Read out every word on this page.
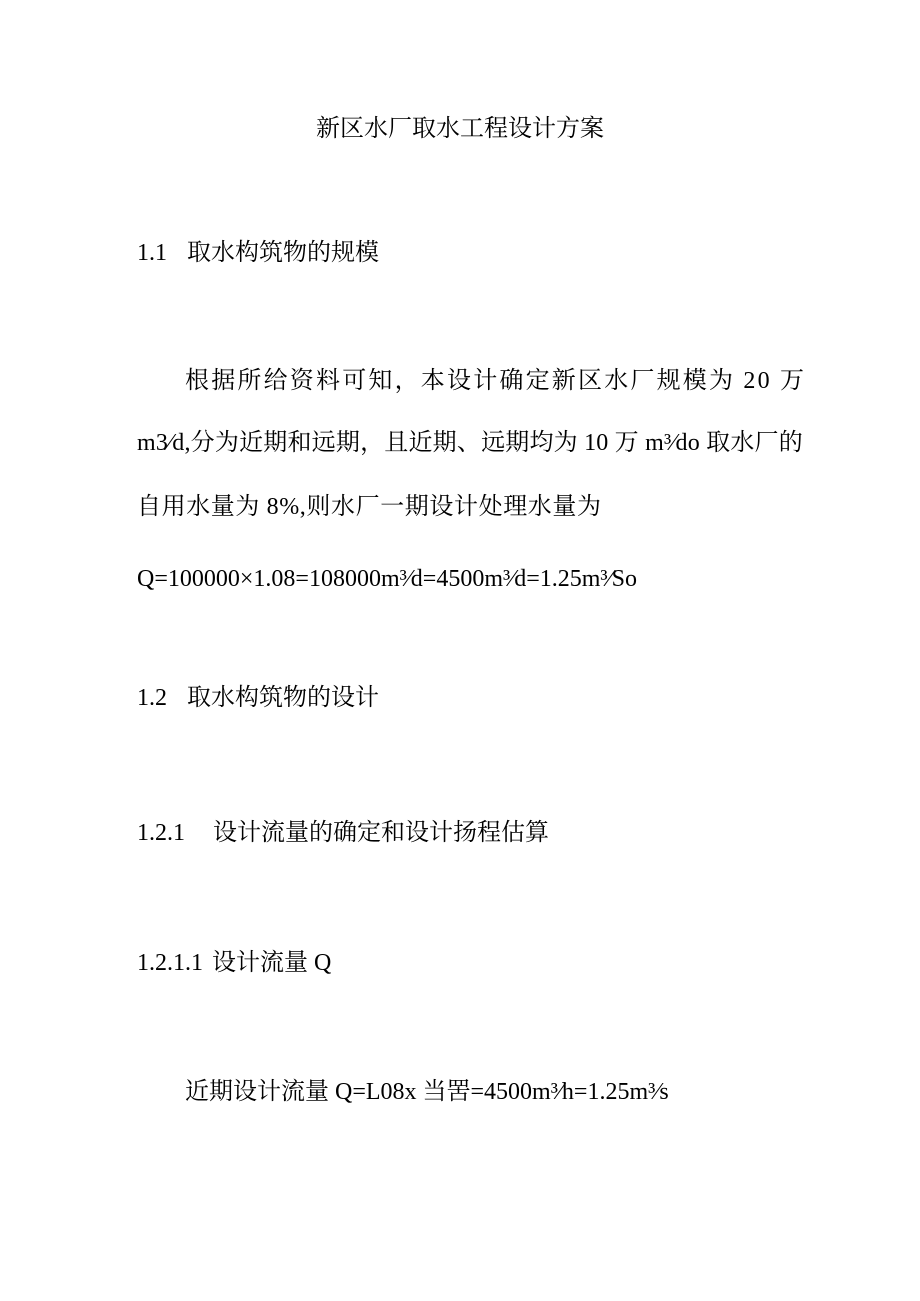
新区水厂取水工程设计方案
1.1 取水构筑物的规模
根据所给资料可知，本设计确定新区水厂规模为 20 万
m3⁄d,分为近期和远期，且近期、远期均为 10 万 m³⁄do 取水厂的
自用水量为 8%,则水厂一期设计处理水量为
Q=100000×1.08=108000m³⁄d=4500m³⁄d=1.25m³⁄So
1.2 取水构筑物的设计
1.2.1 设计流量的确定和设计扬程估算
1.2.1.1 设计流量 Q
近期设计流量 Q=L08x 当罟=4500m³⁄h=1.25m³⁄s
